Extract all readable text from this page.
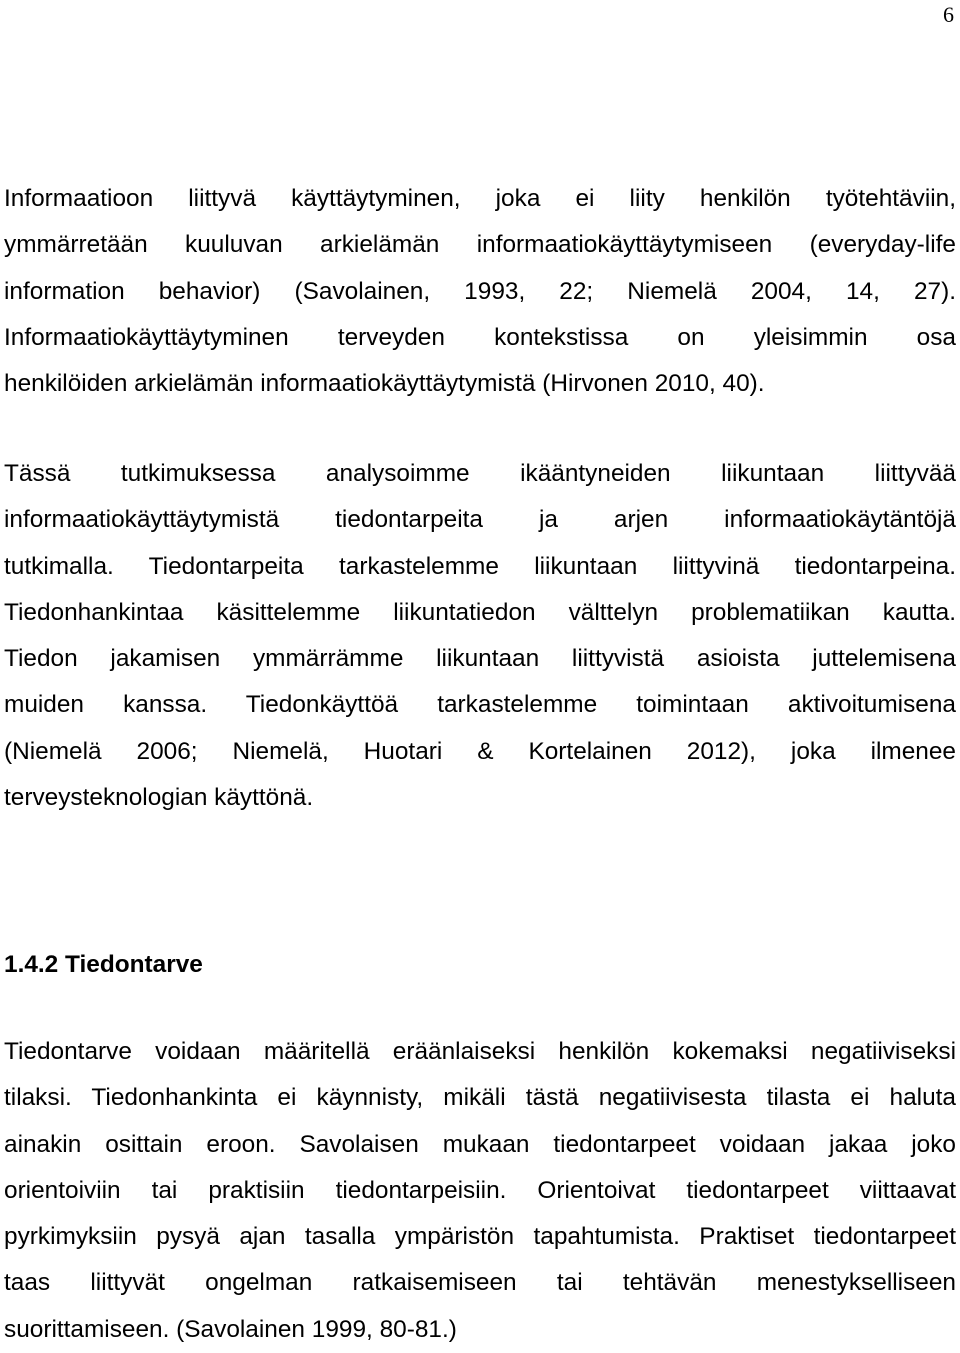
6

Informaatioon liittyvä käyttäytyminen, joka ei liity henkilön työtehtäviin,
ymmärretään kuuluvan arkielämän informaatiokäyttäytymiseen (everyday-life
information behavior) (Savolainen, 1993, 22; Niemelä 2004, 14, 27).
Informaatiokäyttäytyminen terveyden kontekstissa on yleisimmin osa
henkilöiden arkielämän informaatiokäyttäytymistä (Hirvonen 2010, 40).

Tässä tutkimuksessa analysoimme ikääntyneiden liikuntaan liittyvää
informaatiokäyttäytymistä tiedontarpeita ja arjen informaatiokäytäntöjä
tutkimalla. Tiedontarpeita tarkastelemme liikuntaan liittyvinä tiedontarpeina.
Tiedonhankintaa käsittelemme liikuntatiedon välttelyn problematiikan kautta.
Tiedon jakamisen ymmärrämme liikuntaan liittyvistä asioista juttelemisena
muiden kanssa. Tiedonkäyttöä tarkastelemme toimintaan aktivoitumisena
(Niemelä 2006; Niemelä, Huotari & Kortelainen 2012), joka ilmenee
terveysteknologian käyttönä.

1.4.2 Tiedontarve

Tiedontarve voidaan määritellä eräänlaiseksi henkilön kokemaksi negatiiviseksi
tilaksi. Tiedonhankinta ei käynnisty, mikäli tästä negatiivisesta tilasta ei haluta
ainakin osittain eroon. Savolaisen mukaan tiedontarpeet voidaan jakaa joko
orientoiviin tai praktisiin tiedontarpeisiin. Orientoivat tiedontarpeet viittaavat
pyrkimyksiin pysyä ajan tasalla ympäristön tapahtumista. Praktiset tiedontarpeet
taas liittyvät ongelman ratkaisemiseen tai tehtävän menestykselliseen
suorittamiseen. (Savolainen 1999, 80-81.)
